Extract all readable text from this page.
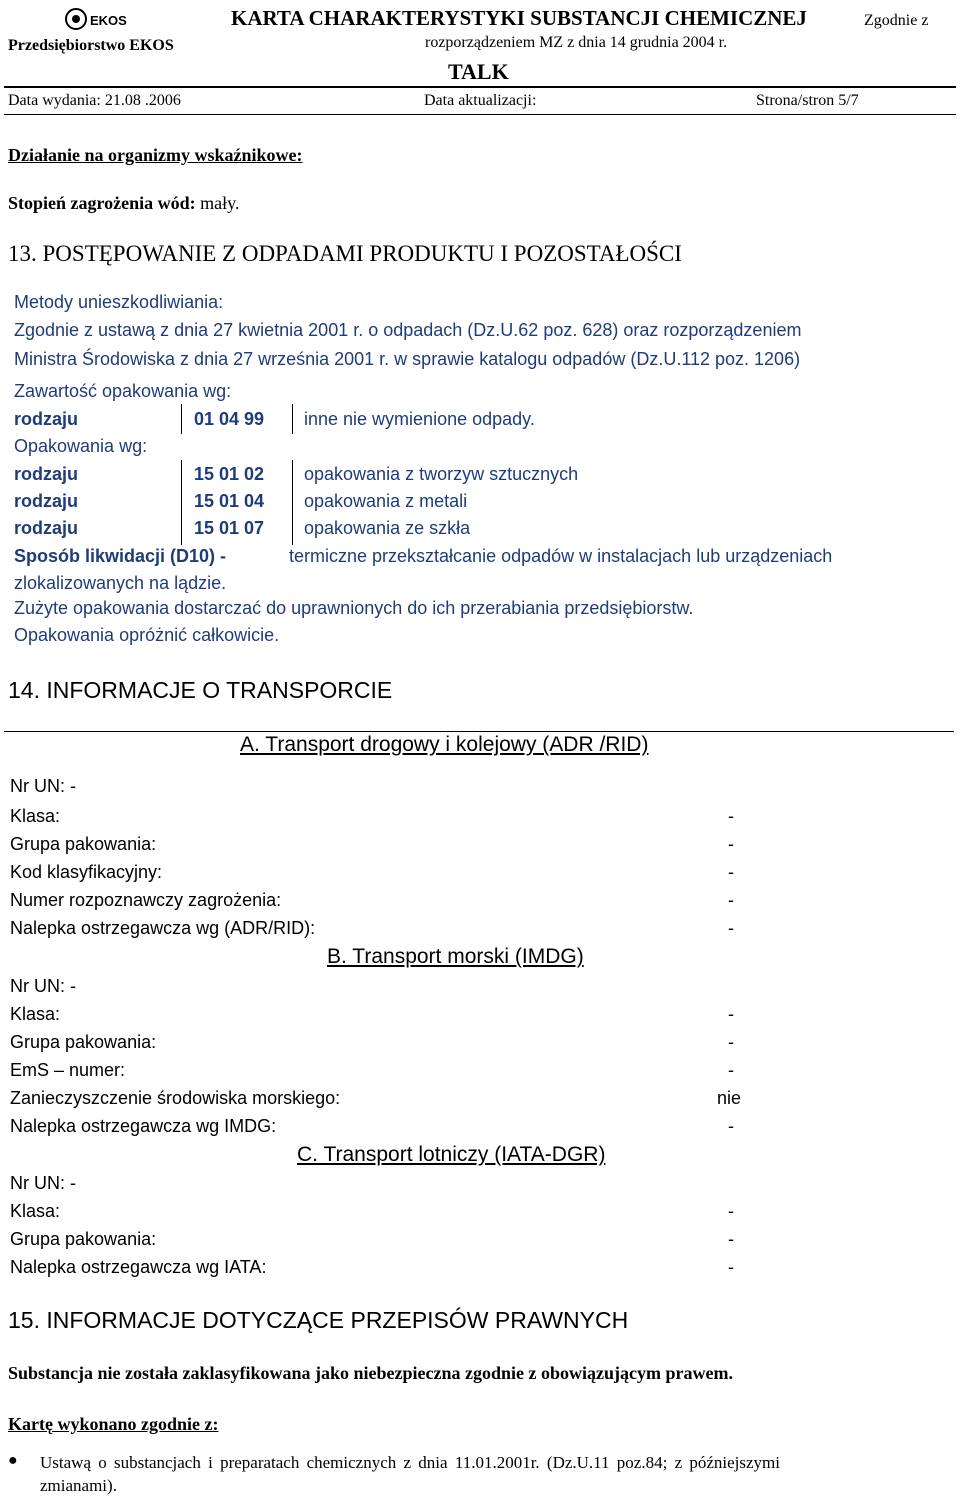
EKOS
Przedsiębiorstwo EKOS
KARTA CHARAKTERYSTYKI SUBSTANCJI CHEMICZNEJ	Zgodnie z
rozporządzeniem MZ z dnia 14 grudnia 2004 r.
TALK
Data wydania: 21.08 .2006	Data aktualizacji:	Strona/stron 5/7
Działanie na organizmy wskaźnikowe:
Stopień zagrożenia wód: mały.
13. POSTĘPOWANIE Z ODPADAMI PRODUKTU I POZOSTAŁOŚCI
Metody unieszkodliwiania:
Zgodnie z ustawą z dnia 27 kwietnia 2001 r. o odpadach (Dz.U.62 poz. 628) oraz rozporządzeniem
Ministra Środowiska z dnia 27 września 2001 r. w sprawie katalogu odpadów (Dz.U.112 poz. 1206)
Zawartość opakowania wg:
rodzaju	01 04 99 inne nie wymienione odpady.
Opakowania wg:
rodzaju	15 01 02 opakowania z tworzyw sztucznych
rodzaju	15 01 04 opakowania z metali
rodzaju	15 01 07 opakowania ze szkła
Sposób likwidacji (D10) -	termiczne przekształcanie odpadów w instalacjach lub urządzeniach
zlokalizowanych na lądzie.
Zużyte opakowania dostarczać do uprawnionych do ich przerabiania przedsiębiorstw.
Opakowania opróżnić całkowicie.
14. INFORMACJE O TRANSPORCIE
A. Transport drogowy i kolejowy (ADR /RID)
Nr UN: -
Klasa:	-
Grupa pakowania:	-
Kod klasyfikacyjny:	-
Numer rozpoznawczy zagrożenia:	-
Nalepka ostrzegawcza wg (ADR/RID):	-
B. Transport morski (IMDG)
Nr UN: -
Klasa:	-
Grupa pakowania:	-
EmS – numer:	-
Zanieczyszczenie środowiska morskiego:	nie
Nalepka ostrzegawcza wg IMDG:	-
C. Transport lotniczy (IATA-DGR)
Nr UN: -
Klasa:	-
Grupa pakowania:	-
Nalepka ostrzegawcza wg IATA:	-
15. INFORMACJE DOTYCZĄCE PRZEPISÓW PRAWNYCH
Substancja nie została zaklasyfikowana jako niebezpieczna zgodnie z obowiązującym prawem.
Kartę wykonano zgodnie z:
● Ustawą o substancjach i preparatach chemicznych z dnia 11.01.2001r. (Dz.U.11 poz.84; z późniejszymi
zmianami).
